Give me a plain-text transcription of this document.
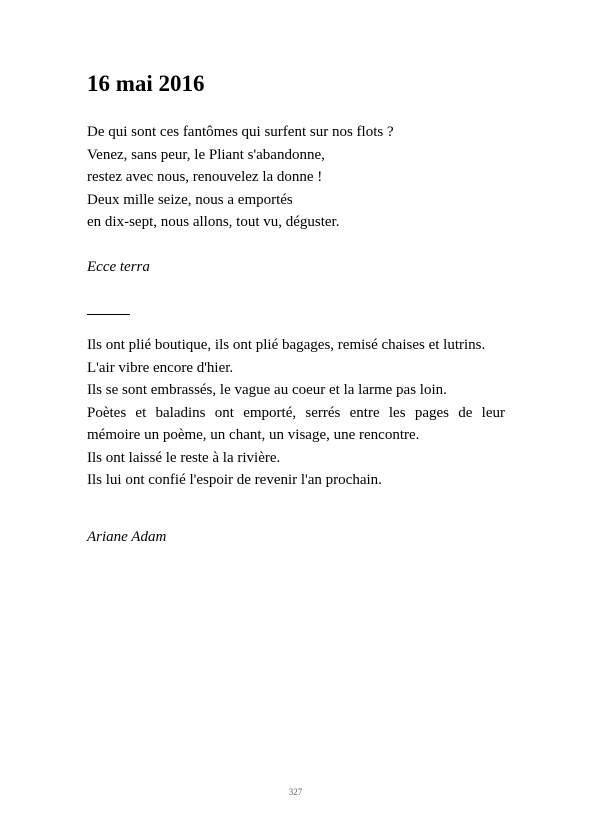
16 mai 2016
De qui sont ces fantômes qui surfent sur nos flots ?
Venez, sans peur, le Pliant s'abandonne,
restez avec nous, renouvelez la donne !
Deux mille seize, nous a emportés
en dix-sept, nous allons, tout vu, déguster.
Ecce terra
Ils ont plié boutique, ils ont plié bagages, remisé chaises et lutrins.
L'air vibre encore d'hier.
Ils se sont embrassés, le vague au coeur et la larme pas loin.
Poètes et baladins ont emporté, serrés entre les pages de leur mémoire un poème, un chant, un visage, une rencontre.
Ils ont laissé le reste à la rivière.
Ils lui ont confié l'espoir de revenir l'an prochain.
Ariane Adam
327
